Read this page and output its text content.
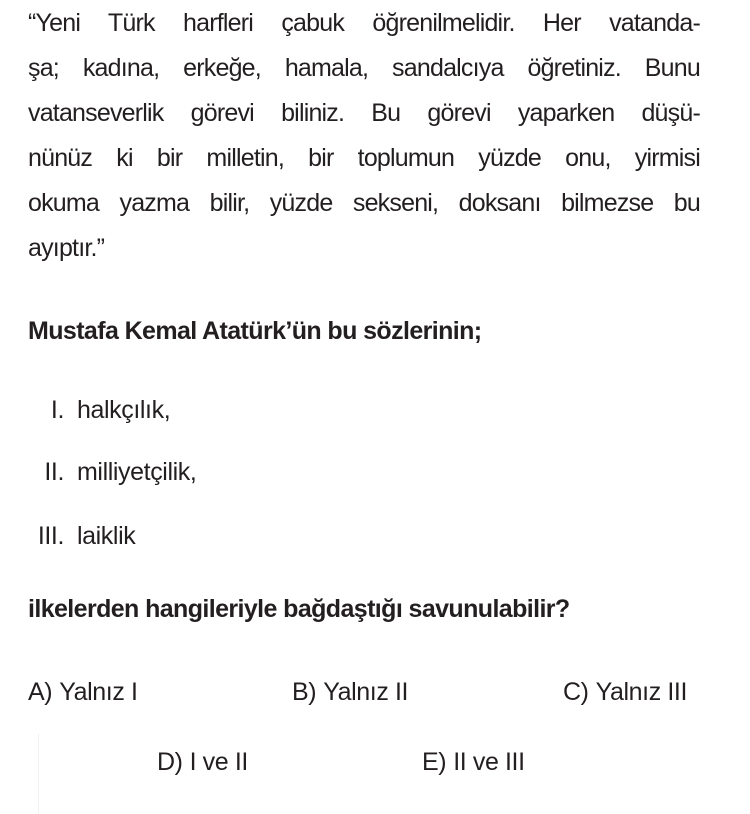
“Yeni Türk harfleri çabuk öğrenilmelidir. Her vatanda-
şa; kadına, erkeğe, hamala, sandalcıya öğretiniz. Bunu
vatanseverlik görevi biliniz. Bu görevi yaparken düşü-
nünüz ki bir milletin, bir toplumun yüzde onu, yirmisi
okuma yazma bilir, yüzde sekseni, doksanı bilmezse bu
ayıptır.”
Mustafa Kemal Atatürk’ün bu sözlerinin;
I. halkçılık,
II. milliyetçilik,
III. laiklik
ilkelerden hangileriyle bağdaştığı savunulabilir?
A) Yalnız I	B) Yalnız II	C) Yalnız III
D) I ve II	E) II ve III
